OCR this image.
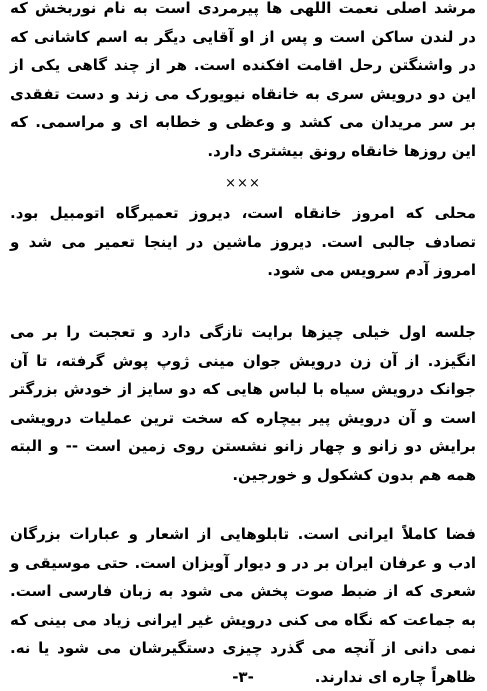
مرشد اصلی نعمت اللهی ها پیرمردی است به نام نوربخش که در لندن ساکن است و پس از او آقایی دیگر به اسم کاشانی که در واشنگتن رحل اقامت افکنده است. هر از چند گاهی یکی از این دو درویش سری به خانقاه نیویورک می زند و دست تفقدی بر سر مریدان می کشد و وعظی و خطابه ای و مراسمی. که این روزها خانقاه رونق بیشتری دارد.

×××

محلی که امروز خانقاه است، دیروز تعمیرگاه اتومبیل بود. تصادف جالبی است. دیروز ماشین در اینجا تعمیر می شد و امروز آدم سرویس می شود.

جلسه اول خیلی چیزها برایت تازگی دارد و تعجبت را بر می انگیزد. از آن زن درویش جوان مینی ژوپ پوش گرفته، تا آن جوانک درویش سیاه با لباس هایی که دو سایز از خودش بزرگتر است و آن درویش پیر بیچاره که سخت ترین عملیات درویشی برایش دو زانو و چهار زانو نشستن روی زمین است -- و البته همه هم بدون کشکول و خورجین.

فضا کاملاً ایرانی است. تابلوهایی از اشعار و عبارات بزرگان ادب و عرفان ایران بر در و دیوار آویزان است. حتی موسیقی و شعری که از ضبط صوت پخش می شود به زبان فارسی است. به جماعت که نگاه می کنی درویش غیر ایرانی زیاد می بینی که نمی دانی از آنچه می گذرد چیزی دستگیرشان می شود یا نه. ظاهراً چاره ای ندارند.

-۳-
